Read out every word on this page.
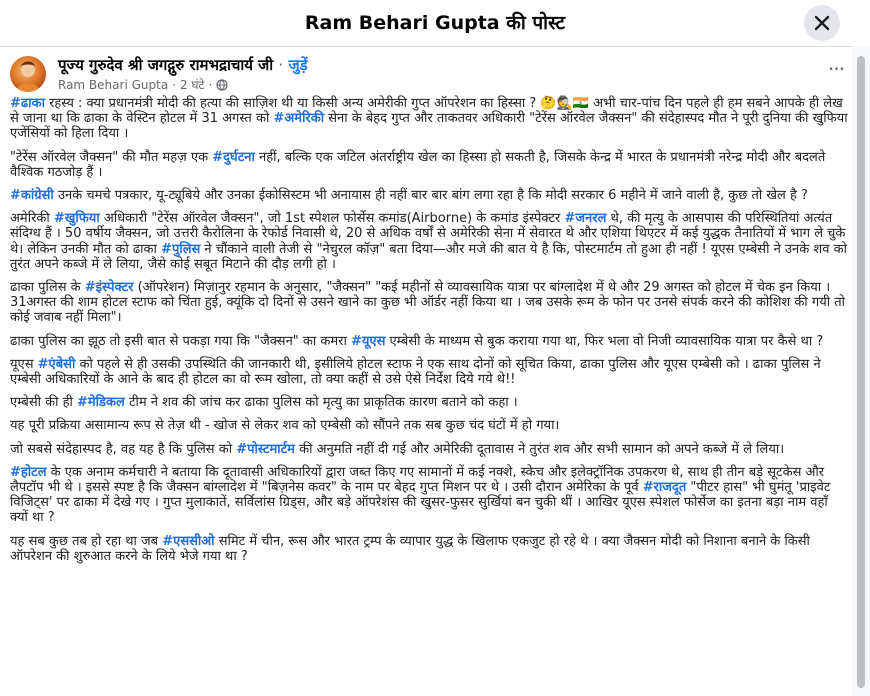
Ram Behari Gupta की पोस्ट
पूज्य गुरुदेव श्री जगद्गुरु रामभद्राचार्य जी · जुड़ें
Ram Behari Gupta · 2 घंटे ·
···

#ढाका रहस्य : क्या प्रधानमंत्री मोदी की हत्या की साज़िश थी या किसी अन्य अमेरीकी गुप्त ऑपरेशन का हिस्सा ? 🤔🕵️🇮🇳 अभी चार-पांच दिन पहले ही हम सबने आपके ही लेख से जाना था कि ढाका के वेस्टिन होटल में 31 अगस्त को #अमेरिकी सेना के बेहद गुप्त और ताकतवर अधिकारी "टेरेंस ऑरवेल जैक्सन" की संदेहास्पद मौत ने पूरी दुनिया की खुफिया एजेंसियों को हिला दिया ।

"टेरेंस ऑरवेल जैक्सन" की मौत महज़ एक #दुर्घटना नहीं, बल्कि एक जटिल अंतर्राष्ट्रीय खेल का हिस्सा हो सकती है, जिसके केन्द्र में भारत के प्रधानमंत्री नरेन्द्र मोदी और बदलते वैश्विक गठजोड़ हैं ।

#कांग्रेसी उनके चमचे पत्रकार, यू-ट्यूबिये और उनका ईकोसिस्टम भी अनायास ही नहीं बार बार बांग लगा रहा है कि मोदी सरकार 6 महीने में जाने वाली है, कुछ तो खेल है ?

अमेरिकी #खुफिया अधिकारी "टेरेंस ऑरवेल जैक्सन", जो 1st स्पेशल फोर्सेस कमांड(Airborne) के कमांड इंस्पेक्टर #जनरल थे, की मृत्यु के आसपास की परिस्थितियां अत्यंत संदिग्ध हैं । 50 वर्षीय जैक्सन, जो उत्तरी कैरोलिना के रेफोर्ड निवासी थे, 20 से अधिक वर्षों से अमेरिकी सेना में सेवारत थे और एशिया थिएटर में कई युद्धक तैनातियों में भाग ले चुके थे। लेकिन उनकी मौत को ढाका #पुलिस ने चौंकाने वाली तेजी से "नेचुरल कॉज़" बता दिया—और मजे की बात ये है कि, पोस्टमार्टम तो हुआ ही नहीं ! यूएस एम्बेसी ने उनके शव को तुरंत अपने कब्जे में ले लिया, जैसे कोई सबूत मिटाने की दौड़ लगी हो ।

ढाका पुलिस के #इंस्पेक्टर (ऑपरेशन) मिज़ानुर रहमान के अनुसार, "जैक्सन" "कई महीनों से व्यावसायिक यात्रा पर बांग्लादेश में थे और 29 अगस्त को होटल में चेक इन किया । 31अगस्त की शाम होटल स्टाफ को चिंता हुई, क्यूंकि दो दिनों से उसने खाने का कुछ भी ऑर्डर नहीं किया था । जब उसके रूम के फोन पर उनसे संपर्क करने की कोशिश की गयी तो कोई जवाब नहीं मिला"।

ढाका पुलिस का झूठ तो इसी बात से पकड़ा गया कि "जैक्सन" का कमरा #यूएस एम्बेसी के माध्यम से बुक कराया गया था, फिर भला वो निजी व्यावसायिक यात्रा पर कैसे था ?

यूएस #एंबेसी को पहले से ही उसकी उपस्थिति की जानकारी थी, इसीलिये होटल स्टाफ ने एक साथ दोनों को सूचित किया, ढाका पुलिस और यूएस एम्बेसी को । ढाका पुलिस ने एम्बेसी अधिकारियों के आने के बाद ही होटल का वो रूम खोला, तो क्या कहीं से उसे ऐसे निर्देश दिये गये थे!!

एम्बेसी की ही #मेडिकल टीम ने शव की जांच कर ढाका पुलिस को मृत्यु का प्राकृतिक कारण बताने को कहा ।

यह पूरी प्रक्रिया असामान्य रूप से तेज़ थी - खोज से लेकर शव को एम्बेसी को सौंपने तक सब कुछ चंद घंटों में हो गया।

जो सबसे संदेहास्पद है, वह यह है कि पुलिस को #पोस्टमार्टम की अनुमति नहीं दी गई और अमेरिकी दूतावास ने तुरंत शव और सभी सामान को अपने कब्जे में ले लिया।

#होटल के एक अनाम कर्मचारी ने बताया कि दूतावासी अधिकारियों द्वारा जब्त किए गए सामानों में कई नक्शे, स्केच और इलेक्ट्रॉनिक उपकरण थे, साथ ही तीन बड़े सूटकेस और लैपटॉप भी थे । इससे स्पष्ट है कि जैक्सन बांग्लादेश में "बिज़नेस कवर" के नाम पर बेहद गुप्त मिशन पर थे । उसी दौरान अमेरिका के पूर्व #राजदूत "पीटर हास" भी घुमंतू 'प्राइवेट विजिट्स' पर ढाका में देखे गए । गुप्त मुलाकातें, सर्विलांस ग्रिड्स, और बड़े ऑपरेशंस की खुसर-फुसर सुर्खियां बन चुकी थीं । आखिर यूएस स्पेशल फोर्सेज का इतना बड़ा नाम वहाँ क्यों था ?

यह सब कुछ तब हो रहा था जब #एससीओ समिट में चीन, रूस और भारत ट्रम्प के व्यापार युद्ध के खिलाफ एकजुट हो रहे थे । क्या जैक्सन मोदी को निशाना बनाने के किसी ऑपरेशन की शुरुआत करने के लिये भेजे गया था ?
